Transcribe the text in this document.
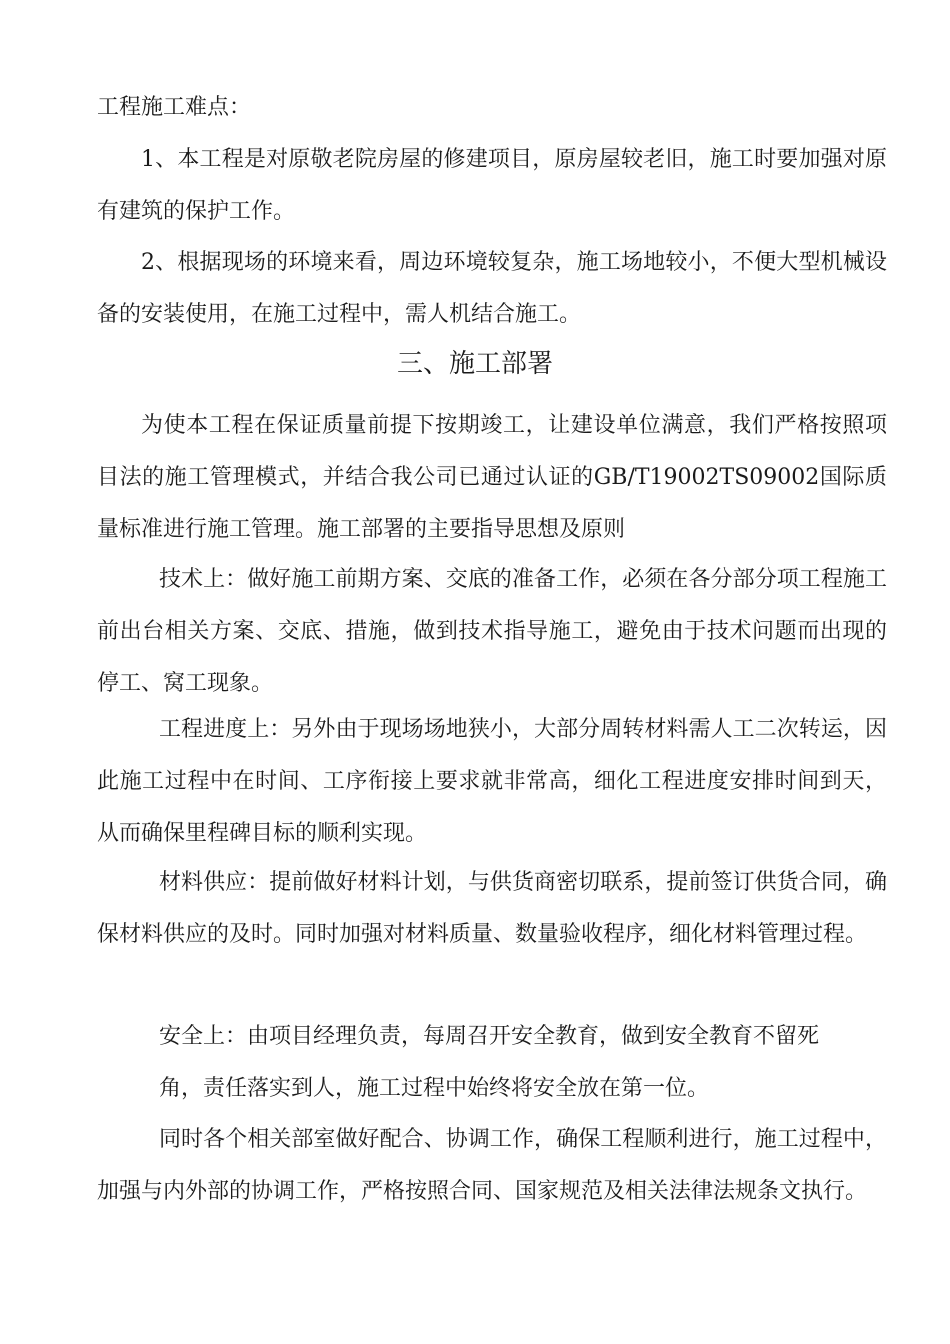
工程施工难点：

1、本工程是对原敬老院房屋的修建项目，原房屋较老旧，施工时要加强对原有建筑的保护工作。

2、根据现场的环境来看，周边环境较复杂，施工场地较小，不便大型机械设备的安装使用，在施工过程中，需人机结合施工。

三、施工部署

为使本工程在保证质量前提下按期竣工，让建设单位满意，我们严格按照项目法的施工管理模式，并结合我公司已通过认证的GB/T19002TS09002国际质量标准进行施工管理。施工部署的主要指导思想及原则

技术上：做好施工前期方案、交底的准备工作，必须在各分部分项工程施工前出台相关方案、交底、措施，做到技术指导施工，避免由于技术问题而出现的停工、窝工现象。

工程进度上：另外由于现场场地狭小，大部分周转材料需人工二次转运，因此施工过程中在时间、工序衔接上要求就非常高，细化工程进度安排时间到天，从而确保里程碑目标的顺利实现。

材料供应：提前做好材料计划，与供货商密切联系，提前签订供货合同，确保材料供应的及时。同时加强对材料质量、数量验收程序，细化材料管理过程。

安全上：由项目经理负责，每周召开安全教育，做到安全教育不留死

角，责任落实到人，施工过程中始终将安全放在第一位。

同时各个相关部室做好配合、协调工作，确保工程顺利进行，施工过程中，加强与内外部的协调工作，严格按照合同、国家规范及相关法律法规条文执行。
